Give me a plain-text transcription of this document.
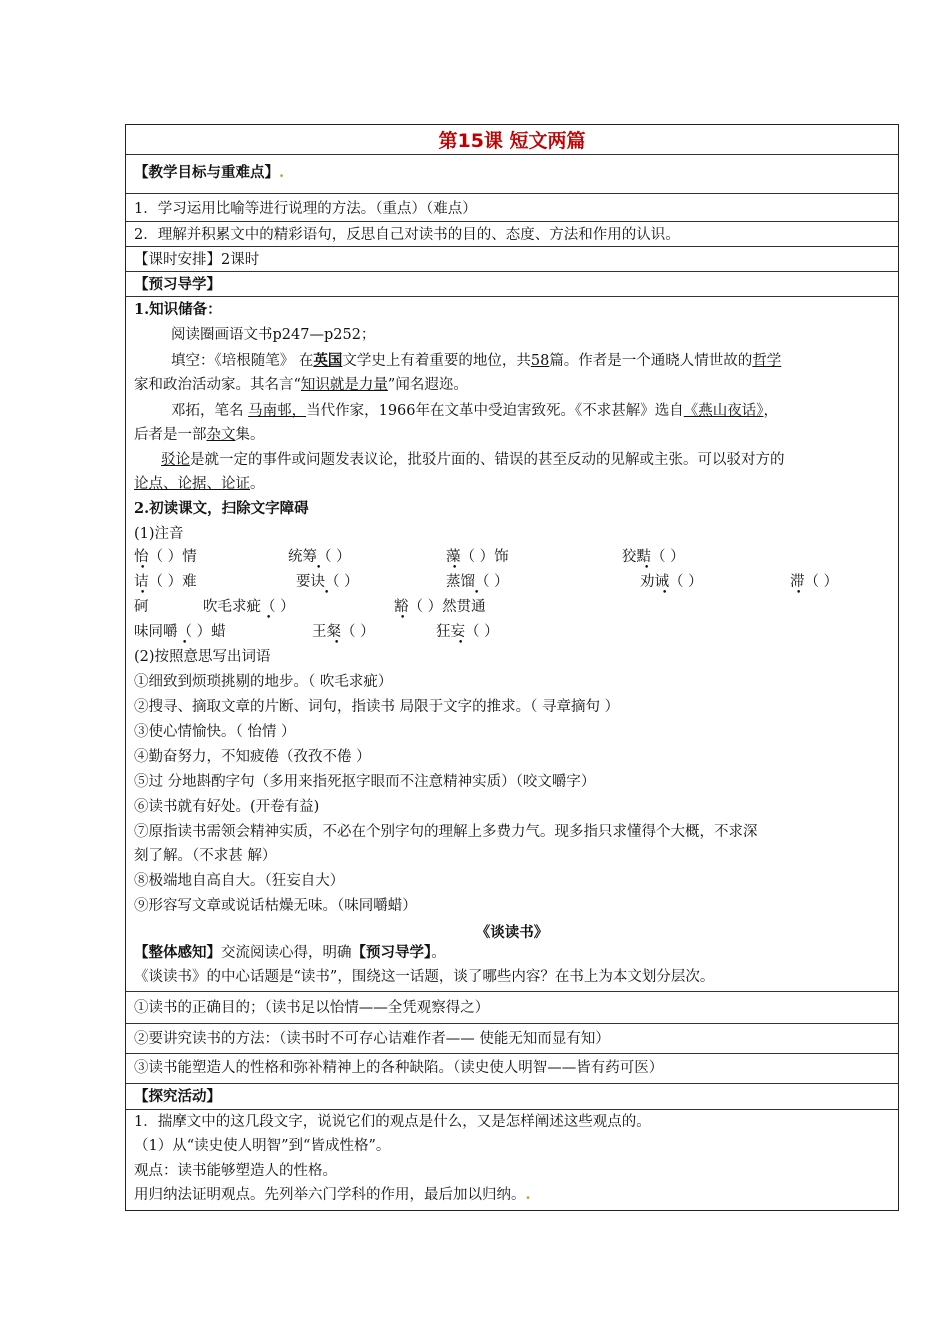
第15课 短文两篇
【教学目标与重难点】.
1．学习运用比喻等进行说理的方法。（重点）（难点）
2．理解并积累文中的精彩语句，反思自己对读书的目的、态度、方法和作用的认识。
【课时安排】2课时
【预习导学】
1.知识储备：
阅读圈画语文书p247—p252；
填空：《培根随笔》 在英国文学史上有着重要的地位，共58篇。作者是一个通晓人情世故的哲学
家和政治活动家。其名言“知识就是力量”闻名遐迩。
邓拓，笔名 马南邨，当代作家，1966年在文革中受迫害致死。《不求甚解》选自《燕山夜话》，
后者是一部杂文集。
驳论是就一定的事件或问题发表议论，批驳片面的、错误的甚至反动的见解或主张。可以驳对方的
论点、论据、论证。
2.初读课文，扫除文字障碍
(1)注音
怡（ ）情	统筹（ ）	藻（ ）饰	狡黠（ ）
诘（ ）难	要诀（ ）	蒸馏（ ）	劝诫（ ）	滞（ ）
砢	吹毛求疵（ ）	豁（ ）然贯通
味同嚼（ ）蜡	王粲（ ）	狂妄（ ）
•	•	•	•
•	•	•	•	•
•	•
•	•	•
(2)按照意思写出词语
①细致到烦琐挑剔的地步。（ 吹毛求疵）
②搜寻、摘取文章的片断、词句，指读书 局限于文字的推求。（ 寻章摘句 ）
③使心情愉快。（ 怡情 ）
④勤奋努力，不知疲倦（孜孜不倦 ）
⑤过 分地斟酌字句（多用来指死抠字眼而不注意精神实质）（咬文嚼字）
⑥读书就有好处。(开卷有益)
⑦原指读书需领会精神实质，不必在个别字句的理解上多费力气。现多指只求懂得个大概，不求深
刻了解。（不求甚 解）
⑧极端地自高自大。（狂妄自大）
⑨形容写文章或说话枯燥无味。（味同嚼蜡）
《谈读书》
【整体感知】交流阅读心得，明确【预习导学】。
《谈读书》的中心话题是“读书”，围绕这一话题，谈了哪些内容？在书上为本文划分层次。
①读书的正确目的；（读书足以怡情——全凭观察得之）
②要讲究读书的方法：（读书时不可存心诘难作者—— 使能无知而显有知）
③读书能塑造人的性格和弥补精神上的各种缺陷。（读史使人明智——皆有药可医）
【探究活动】
1．揣摩文中的这几段文字，说说它们的观点是什么，又是怎样阐述这些观点的。
（1）从“读史使人明智”到“皆成性格”。
观点：读书能够塑造人的性格。
用归纳法证明观点。先列举六门学科的作用，最后加以归纳。.
